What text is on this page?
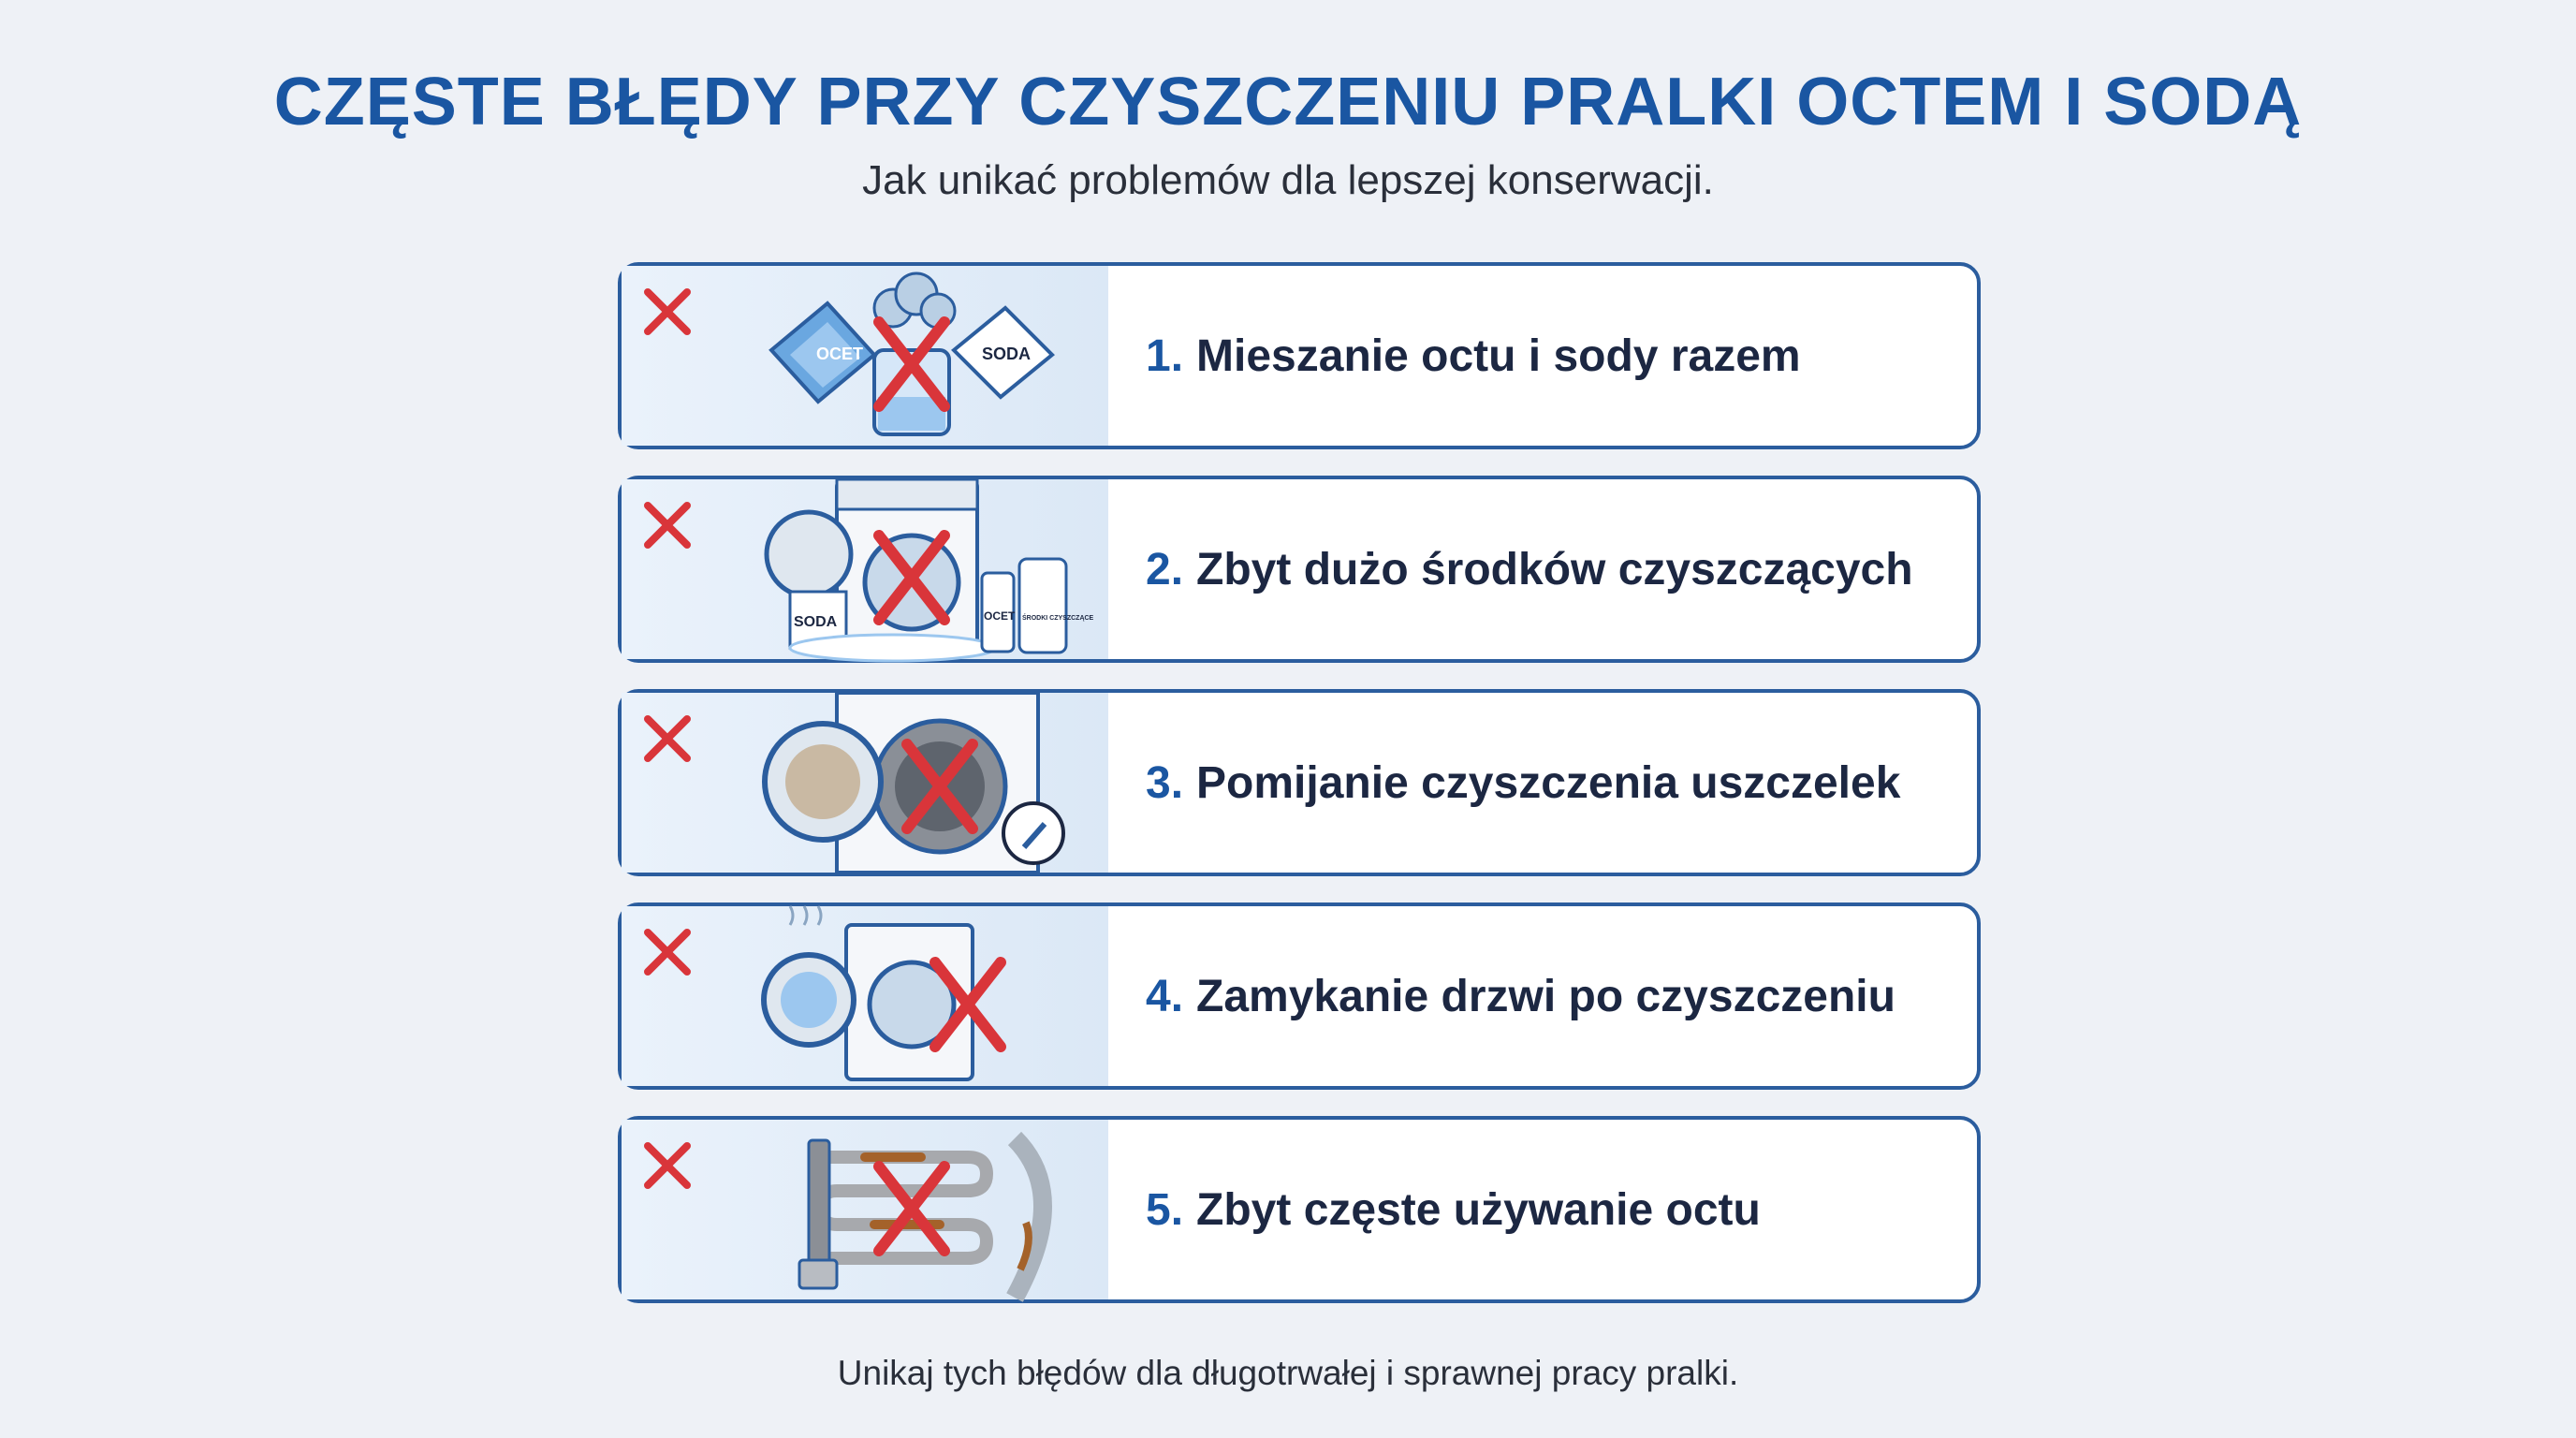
CZĘSTE BŁĘDY PRZY CZYSZCZENIU PRALKI OCTEM I SODĄ
Jak unikać problemów dla lepszej konserwacji.
OCET	SODA	1. Mieszanie octu i sody razem
SODA	OCET ŚRODKI CZYSZCZĄCE
2. Zbyt dużo środków czyszczących
3. Pomijanie czyszczenia uszczelek
4. Zamykanie drzwi po czyszczeniu
5. Zbyt częste używanie octu
Unikaj tych błędów dla długotrwałej i sprawnej pracy pralki.
